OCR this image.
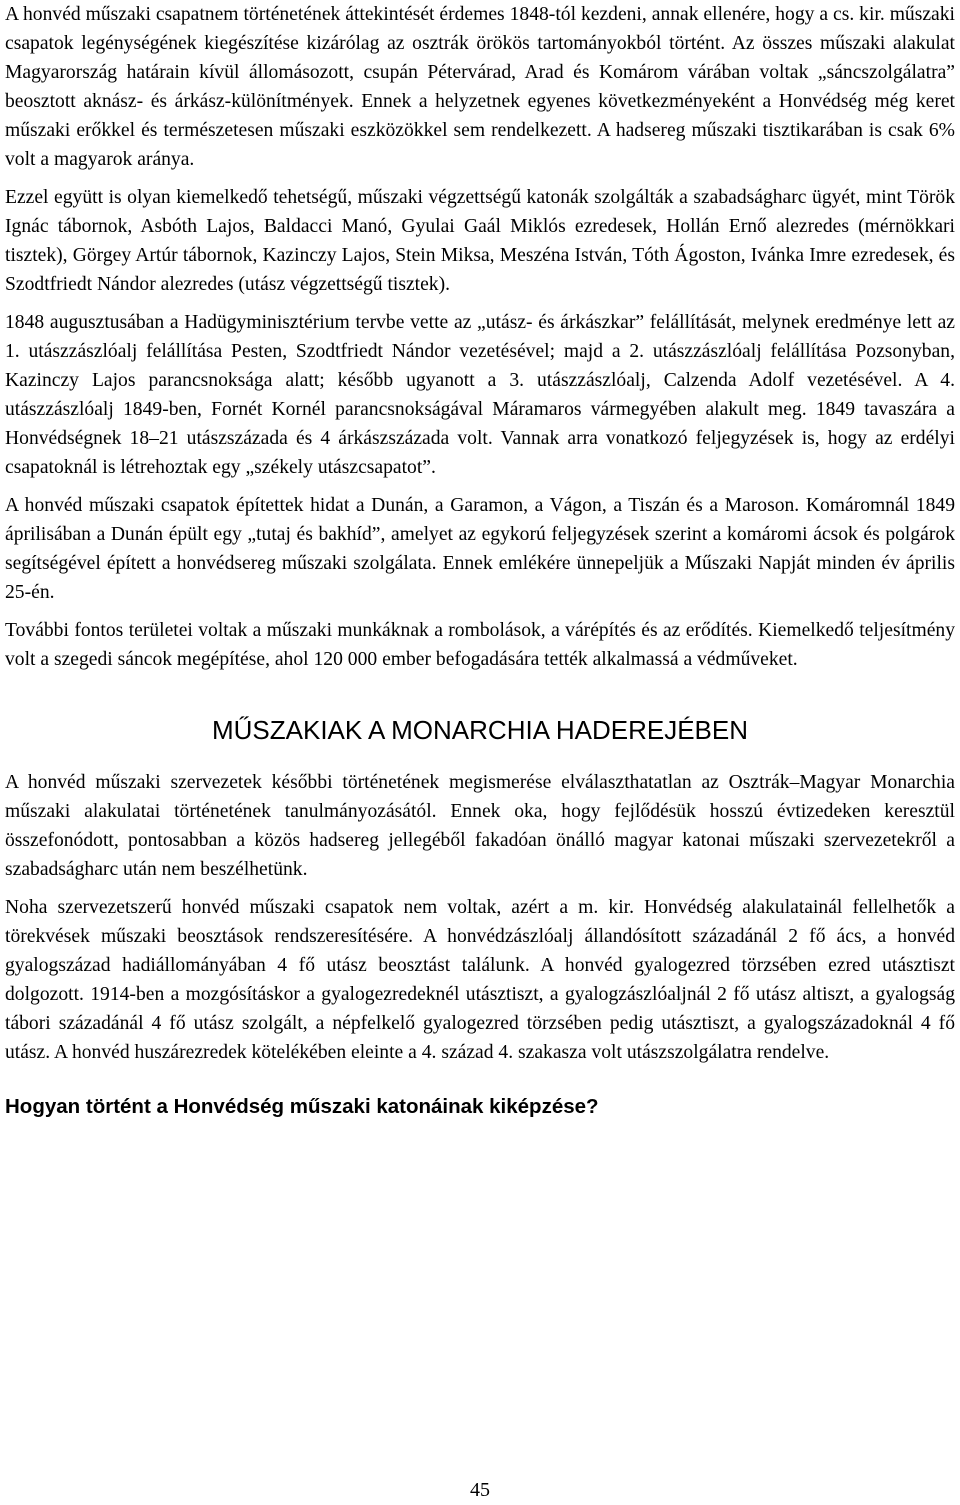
A honvéd műszaki csapatnem történetének áttekintését érdemes 1848-tól kezdeni, annak ellenére, hogy a cs. kir. műszaki csapatok legénységének kiegészítése kizárólag az osztrák örökös tartományokból történt. Az összes műszaki alakulat Magyarország határain kívül állomásozott, csupán Pétervárad, Arad és Komárom várában voltak „sáncszolgálatra” beosztott aknász- és árkász-különítmények. Ennek a helyzetnek egyenes következményeként a Honvédség még keret műszaki erőkkel és természetesen műszaki eszközökkel sem rendelkezett. A hadsereg műszaki tisztikarában is csak 6% volt a magyarok aránya.

Ezzel együtt is olyan kiemelkedő tehetségű, műszaki végzettségű katonák szolgálták a szabadságharc ügyét, mint Török Ignác tábornok, Asbóth Lajos, Baldacci Manó, Gyulai Gaál Miklós ezredesek, Hollán Ernő alezredes (mérnökkari tisztek), Görgey Artúr tábornok, Kazinczy Lajos, Stein Miksa, Meszéna István, Tóth Ágoston, Ivánka Imre ezredesek, és Szodtfriedt Nándor alezredes (utász végzettségű tisztek).

1848 augusztusában a Hadügyminisztérium tervbe vette az „utász- és árkászkar” felállítását, melynek eredménye lett az 1. utászzászlóalj felállítása Pesten, Szodtfriedt Nándor vezetésével; majd a 2. utászzászlóalj felállítása Pozsonyban, Kazinczy Lajos parancsnoksága alatt; később ugyanott a 3. utászzászlóalj, Calzenda Adolf vezetésével. A 4. utászzászlóalj 1849-ben, Fornét Kornél parancsnokságával Máramaros vármegyében alakult meg. 1849 tavaszára a Honvédségnek 18–21 utászszázada és 4 árkászszázada volt. Vannak arra vonatkozó feljegyzések is, hogy az erdélyi csapatoknál is létrehoztak egy „székely utászcsapatot”.

A honvéd műszaki csapatok építettek hidat a Dunán, a Garamon, a Vágon, a Tiszán és a Maroson. Komáromnál 1849 áprilisában a Dunán épült egy „tutaj és bakhíd”, amelyet az egykorú feljegyzések szerint a komáromi ácsok és polgárok segítségével épített a honvédsereg műszaki szolgálata. Ennek emlékére ünnepeljük a Műszaki Napját minden év április 25-én.

További fontos területei voltak a műszaki munkáknak a rombolások, a várépítés és az erődítés. Kiemelkedő teljesítmény volt a szegedi sáncok megépítése, ahol 120 000 ember befogadására tették alkalmassá a védműveket.

MŰSZAKIAK A MONARCHIA HADEREJÉBEN

A honvéd műszaki szervezetek későbbi történetének megismerése elválaszthatatlan az Osztrák–Magyar Monarchia műszaki alakulatai történetének tanulmányozásától. Ennek oka, hogy fejlődésük hosszú évtizedeken keresztül összefonódott, pontosabban a közös hadsereg jellegéből fakadóan önálló magyar katonai műszaki szervezetekről a szabadságharc után nem beszélhetünk.

Noha szervezetszerű honvéd műszaki csapatok nem voltak, azért a m. kir. Honvédség alakulatainál fellelhetők a törekvések műszaki beosztások rendszeresítésére. A honvédzászlóalj állandósított századánál 2 fő ács, a honvéd gyalogszázad hadiállományában 4 fő utász beosztást találunk. A honvéd gyalogezred törzsében ezred utásztiszt dolgozott. 1914-ben a mozgósításkor a gyalogezredeknél utásztiszt, a gyalogzászlóaljnál 2 fő utász altiszt, a gyalogság tábori századánál 4 fő utász szolgált, a népfelkelő gyalogezred törzsében pedig utásztiszt, a gyalogszázadoknál 4 fő utász. A honvéd huszárezredek kötelékében eleinte a 4. század 4. szakasza volt utászszolgálatra rendelve.

Hogyan történt a Honvédség műszaki katonáinak kiképzése?
45
